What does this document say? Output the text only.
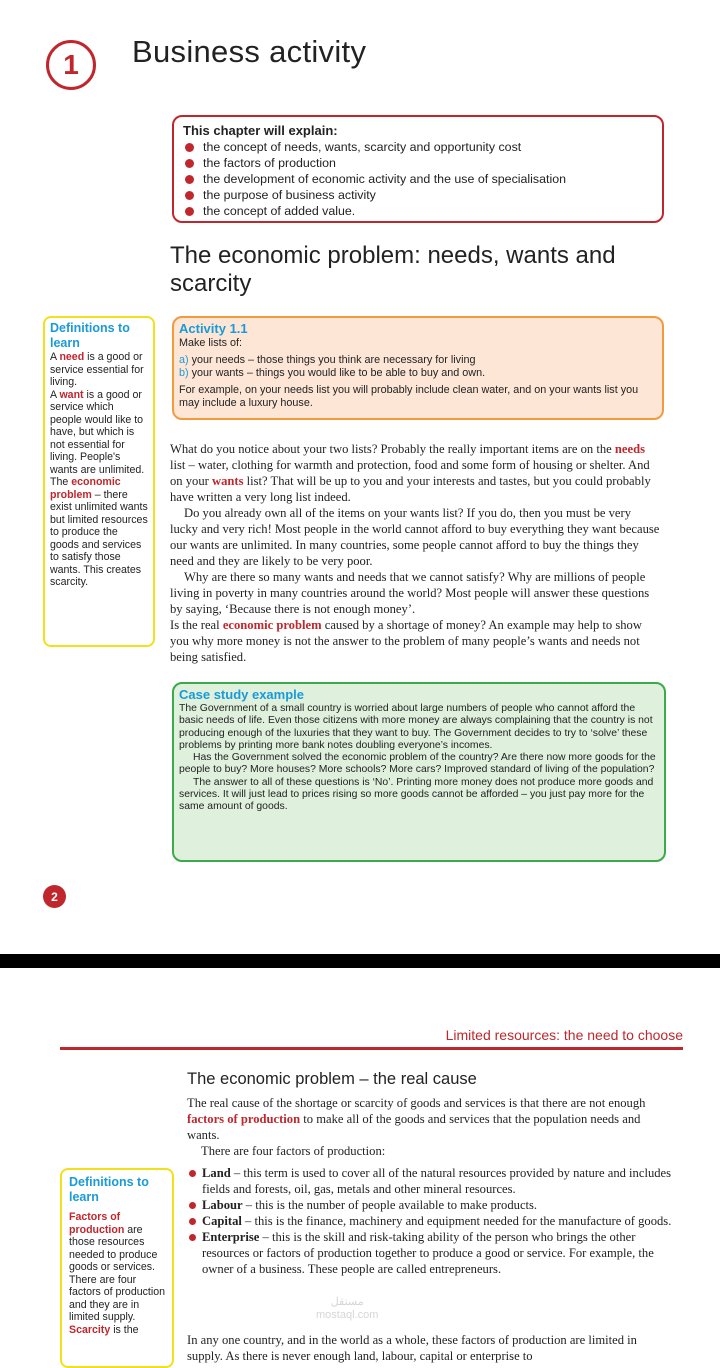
1	Business activity
This chapter will explain:
the concept of needs, wants, scarcity and opportunity cost
the factors of production
the development of economic activity and the use of specialisation
the purpose of business activity
the concept of added value.
The economic problem: needs, wants and scarcity
Definitions to learn
A need is a good or service essential for living.
A want is a good or service which people would like to have, but which is not essential for living. People's wants are unlimited.
The economic problem – there exist unlimited wants but limited resources to produce the goods and services to satisfy those wants. This creates scarcity.
Activity 1.1
Make lists of:
a) your needs – those things you think are necessary for living
b) your wants – things you would like to be able to buy and own.
For example, on your needs list you will probably include clean water, and on your wants list you may include a luxury house.

What do you notice about your two lists? Probably the really important items are on the needs list – water, clothing for warmth and protection, food and some form of housing or shelter. And on your wants list? That will be up to you and your interests and tastes, but you could probably have written a very long list indeed.

Do you already own all of the items on your wants list? If you do, then you must be very lucky and very rich! Most people in the world cannot afford to buy everything they want because our wants are unlimited. In many countries, some people cannot afford to buy the things they need and they are likely to be very poor.

Why are there so many wants and needs that we cannot satisfy? Why are millions of people living in poverty in many countries around the world? Most people will answer these questions by saying, ‘Because there is not enough money’.

Is the real economic problem caused by a shortage of money? An example may help to show you why more money is not the answer to the problem of many people’s wants and needs not being satisfied.

Case study example

The Government of a small country is worried about large numbers of people who cannot afford the basic needs of life. Even those citizens with more money are always complaining that the country is not producing enough of the luxuries that they want to buy. The Government decides to try to ‘solve’ these problems by printing more bank notes doubling everyone’s incomes.

Has the Government solved the economic problem of the country? Are there now more goods for the people to buy? More houses? More schools? More cars? Improved standard of living of the population?

The answer to all of these questions is ‘No’. Printing more money does not produce more goods and services. It will just lead to prices rising so more goods cannot be afforded – you just pay more for the same amount of goods.

2
Limited resources: the need to choose
The economic problem – the real cause

The real cause of the shortage or scarcity of goods and services is that there are not enough factors of production to make all of the goods and services that the population needs and wants.

There are four factors of production:

Definitions to learn
Factors of production are those resources needed to produce goods or services. There are four factors of production and they are in limited supply.
Scarcity is the

Land – this term is used to cover all of the natural resources provided by nature and includes fields and forests, oil, gas, metals and other mineral resources.

Labour – this is the number of people available to make products.

Capital – this is the finance, machinery and equipment needed for the manufacture of goods.

Enterprise – this is the skill and risk-taking ability of the person who brings the other resources or factors of production together to produce a good or service. For example, the owner of a business. These people are called entrepreneurs.

In any one country, and in the world as a whole, these factors of production are limited in supply. As there is never enough land, labour, capital or enterprise to

مستقل
mostaql.com
